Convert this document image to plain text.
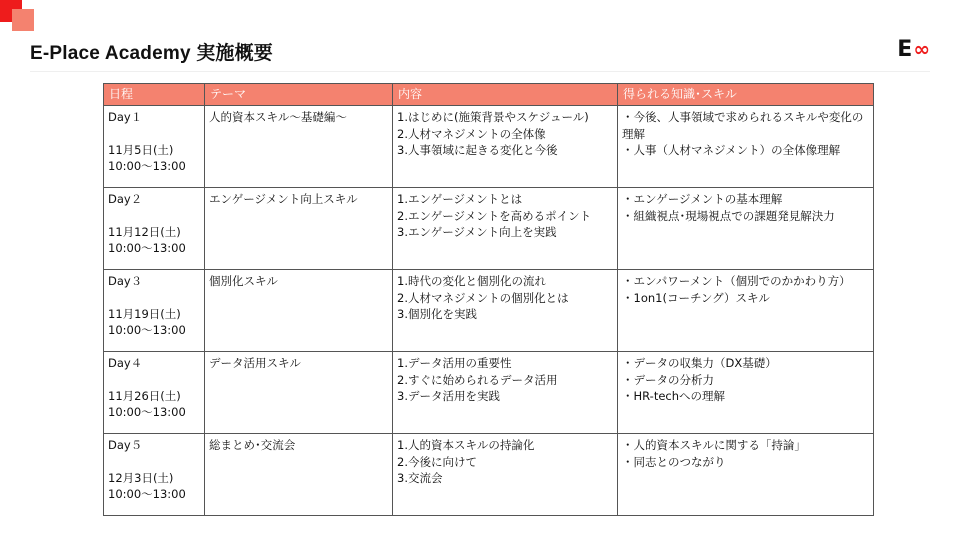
E-Place Academy 実施概要	E ∞
日程	テーマ	内容	得られる知識･スキル

Day１
11月5日(土)
10:00～13:00	人的資本スキル～基礎編～	1.はじめに(施策背景やスケジュール)
2.人材マネジメントの全体像
3.人事領域に起きる変化と今後	・今後、人事領域で求められるスキルや変化の理解
・人事（人材マネジメント）の全体像理解

Day２
11月12日(土)
10:00～13:00	エンゲージメント向上スキル	1.エンゲージメントとは
2.エンゲージメントを高めるポイント
3.エンゲージメント向上を実践	・エンゲージメントの基本理解
・組織視点･現場視点での課題発見解決力

Day３
11月19日(土)
10:00～13:00	個別化スキル	1.時代の変化と個別化の流れ
2.人材マネジメントの個別化とは
3.個別化を実践	・エンパワーメント（個別でのかかわり方）
・1on1(コーチング）スキル

Day４
11月26日(土)
10:00～13:00	データ活用スキル	1.データ活用の重要性
2.すぐに始められるデータ活用
3.データ活用を実践	・データの収集力（DX基礎）
・データの分析力
・HR-techへの理解

Day５
12月3日(土)
10:00～13:00	総まとめ･交流会	1.人的資本スキルの持論化
2.今後に向けて
3.交流会	・人的資本スキルに関する「持論」
・同志とのつながり
